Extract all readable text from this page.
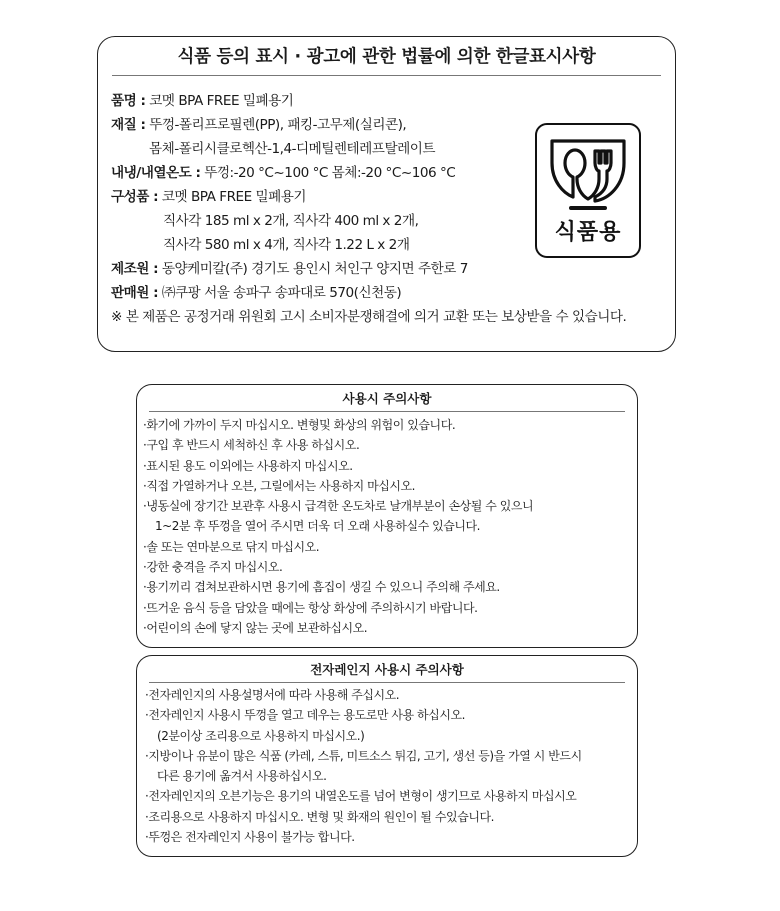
식품 등의 표시 · 광고에 관한 법률에 의한 한글표시사항
품명 : 코멧 BPA FREE 밀폐용기
재질 : 뚜껑-폴리프로필렌(PP), 패킹-고무제(실리콘),
몸체-폴리시클로헥산-1,4-디메틸렌테레프탈레이트
내냉/내열온도 : 뚜껑:-20 °C~100 °C 몸체:-20 °C~106 °C
구성품 : 코멧 BPA FREE 밀폐용기
직사각 185 ml x 2개, 직사각 400 ml x 2개,
직사각 580 ml x 4개, 직사각 1.22 L x 2개
제조원 : 동양케미칼(주) 경기도 용인시 처인구 양지면 주한로 7
판매원 : ㈜쿠팡 서울 송파구 송파대로 570(신천동)
※ 본 제품은 공정거래 위원회 고시 소비자분쟁해결에 의거 교환 또는 보상받을 수 있습니다.
식품용
사용시 주의사항
·화기에 가까이 두지 마십시오. 변형및 화상의 위험이 있습니다.
·구입 후 반드시 세척하신 후 사용 하십시오.
·표시된 용도 이외에는 사용하지 마십시오.
·직접 가열하거나 오븐, 그릴에서는 사용하지 마십시오.
·냉동실에 장기간 보관후 사용시 급격한 온도차로 날개부분이 손상될 수 있으니
1~2분 후 뚜껑을 열어 주시면 더욱 더 오래 사용하실수 있습니다.
·솔 또는 연마분으로 닦지 마십시오.
·강한 충격을 주지 마십시오.
·용기끼리 겹쳐보관하시면 용기에 흠집이 생길 수 있으니 주의해 주세요.
·뜨거운 음식 등을 담았을 때에는 항상 화상에 주의하시기 바랍니다.
·어린이의 손에 닿지 않는 곳에 보관하십시오.
전자레인지 사용시 주의사항
·전자레인지의 사용설명서에 따라 사용해 주십시오.
·전자레인지 사용시 뚜껑을 열고 데우는 용도로만 사용 하십시오.
(2분이상 조리용으로 사용하지 마십시오.)
·지방이나 유분이 많은 식품 (카레, 스튜, 미트소스 튀김, 고기, 생선 등)을 가열 시 반드시
다른 용기에 옮겨서 사용하십시오.
·전자레인지의 오븐기능은 용기의 내열온도를 넘어 변형이 생기므로 사용하지 마십시오
·조리용으로 사용하지 마십시오. 변형 및 화재의 원인이 될 수있습니다.
·뚜껑은 전자레인지 사용이 불가능 합니다.
